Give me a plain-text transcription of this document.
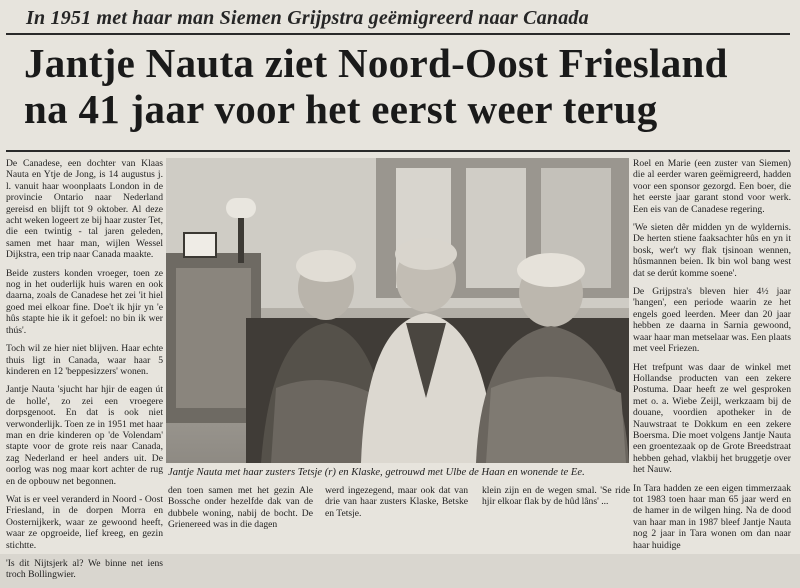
In 1951 met haar man Siemen Grijpstra geëmigreerd naar Canada
Jantje Nauta ziet Noord-Oost Friesland
na 41 jaar voor het eerst weer terug

De Canadese, een dochter van Klaas Nauta en Ytje de Jong, is 14 augustus j. l. vanuit haar woonplaats London in de provincie Ontario naar Nederland gereisd en blijft tot 9 oktober. Al deze acht weken logeert ze bij haar zuster Tet, die een twintig - tal jaren geleden, samen met haar man, wijlen Wessel Dijkstra, een trip naar Canada maakte.

Beide zusters konden vroeger, toen ze nog in het ouderlijk huis waren en ook daarna, zoals de Canadese het zei 'it hiel goed mei elkoar fine. Doe't ik hjir yn 'e hûs stapte hie ik it gefoel: no bin ik wer thús'.

Toch wil ze hier niet blijven. Haar echte thuis ligt in Canada, waar haar 5 kinderen en 12 'beppesizzers' wonen.

Jantje Nauta 'sjucht har hjir de eagen út de holle', zo zei een vroegere dorpsgenoot. En dat is ook niet verwonderlijk. Toen ze in 1951 met haar man en drie kinderen op 'de Volendam' stapte voor de grote reis naar Canada, zag Nederland er heel anders uit. De oorlog was nog maar kort achter de rug en de opbouw net begonnen.

Wat is er veel veranderd in Noord - Oost Friesland, in de dorpen Morra en Oosternijkerk, waar ze gewoond heeft, waar ze opgroeide, lief kreeg, en gezin stichtte.

'Is dit Nijtsjerk al? We binne net iens troch Bollingwier.

Jantje Nauta met haar zusters Tetsje (r) en Klaske, getrouwd met Ulbe de Haan en wonende te Ee.

den toen samen met het gezin Ale Bossche onder hezelfde dak van de dubbele woning, nabij de bocht. De Grienereed was in die dagen

werd ingezegend, maar ook dat van drie van haar zusters Klaske, Betske en Tetsje.

klein zijn en de wegen smal. 'Se ride hjir elkoar flak by de hûd lâns' ...

Roel en Marie (een zuster van Siemen) die al eerder waren geëmigreerd, hadden voor een sponsor gezorgd. Een boer, die het eerste jaar garant stond voor werk. Een eis van de Canadese regering.

'We sieten dêr midden yn de wyldernis. De herten stiene faaksachter hûs en yn it bosk, wer't wy flak tjsinoan wennen, hûsmannen beien. Ik bin wol bang west dat se derút komme soene'.

De Grijpstra's bleven hier 4½ jaar 'hangen', een periode waarin ze het engels goed leerden. Meer dan 20 jaar hebben ze daarna in Sarnia gewoond, waar haar man metselaar was. Een plaats met veel Friezen.

Het trefpunt was daar de winkel met Hollandse producten van een zekere Postuma. Daar heeft ze wel gesproken met o. a. Wiebe Zeijl, werkzaam bij de douane, voordien apotheker in de Nauwstraat te Dokkum en een zekere Boersma. Die moet volgens Jantje Nauta een groentezaak op de Grote Breedstraat hebben gehad, vlakbij het bruggetje over het Nauw.

In Tara hadden ze een eigen timmerzaak tot 1983 toen haar man 65 jaar werd en de hamer in de wilgen hing. Na de dood van haar man in 1987 bleef Jantje Nauta nog 2 jaar in Tara wonen om dan naar haar huidige
